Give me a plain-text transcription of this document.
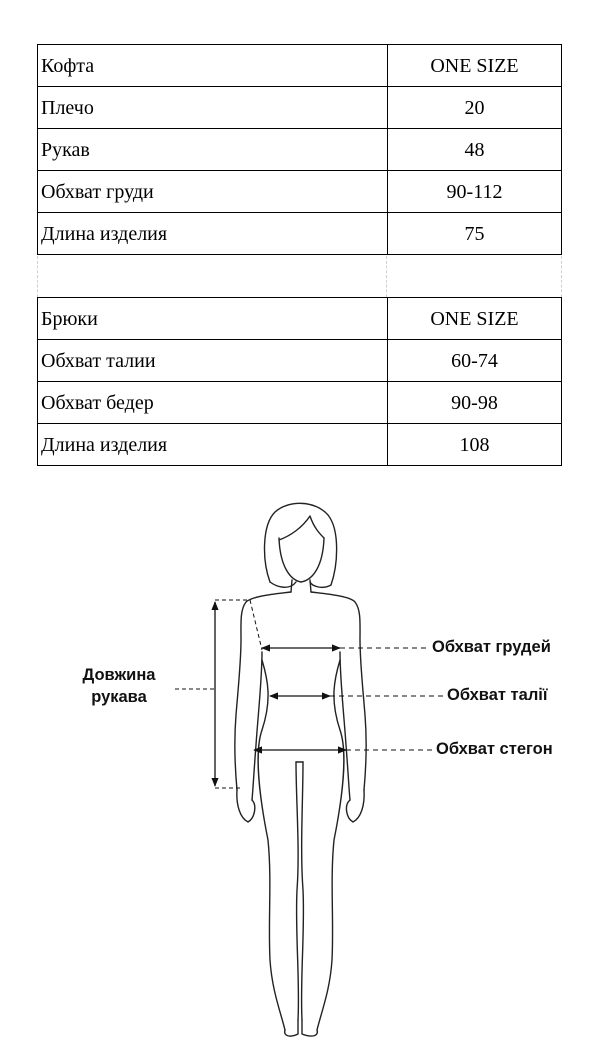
Кофта	ONE SIZE
Плечо	20
Рукав	48
Обхват груди	90-112
Длина изделия	75
Брюки	ONE SIZE
Обхват талии	60-74
Обхват бедер	90-98
Длина изделия	108
Довжина
рукава
Обхват грудей
Обхват талії
Обхват стегон
